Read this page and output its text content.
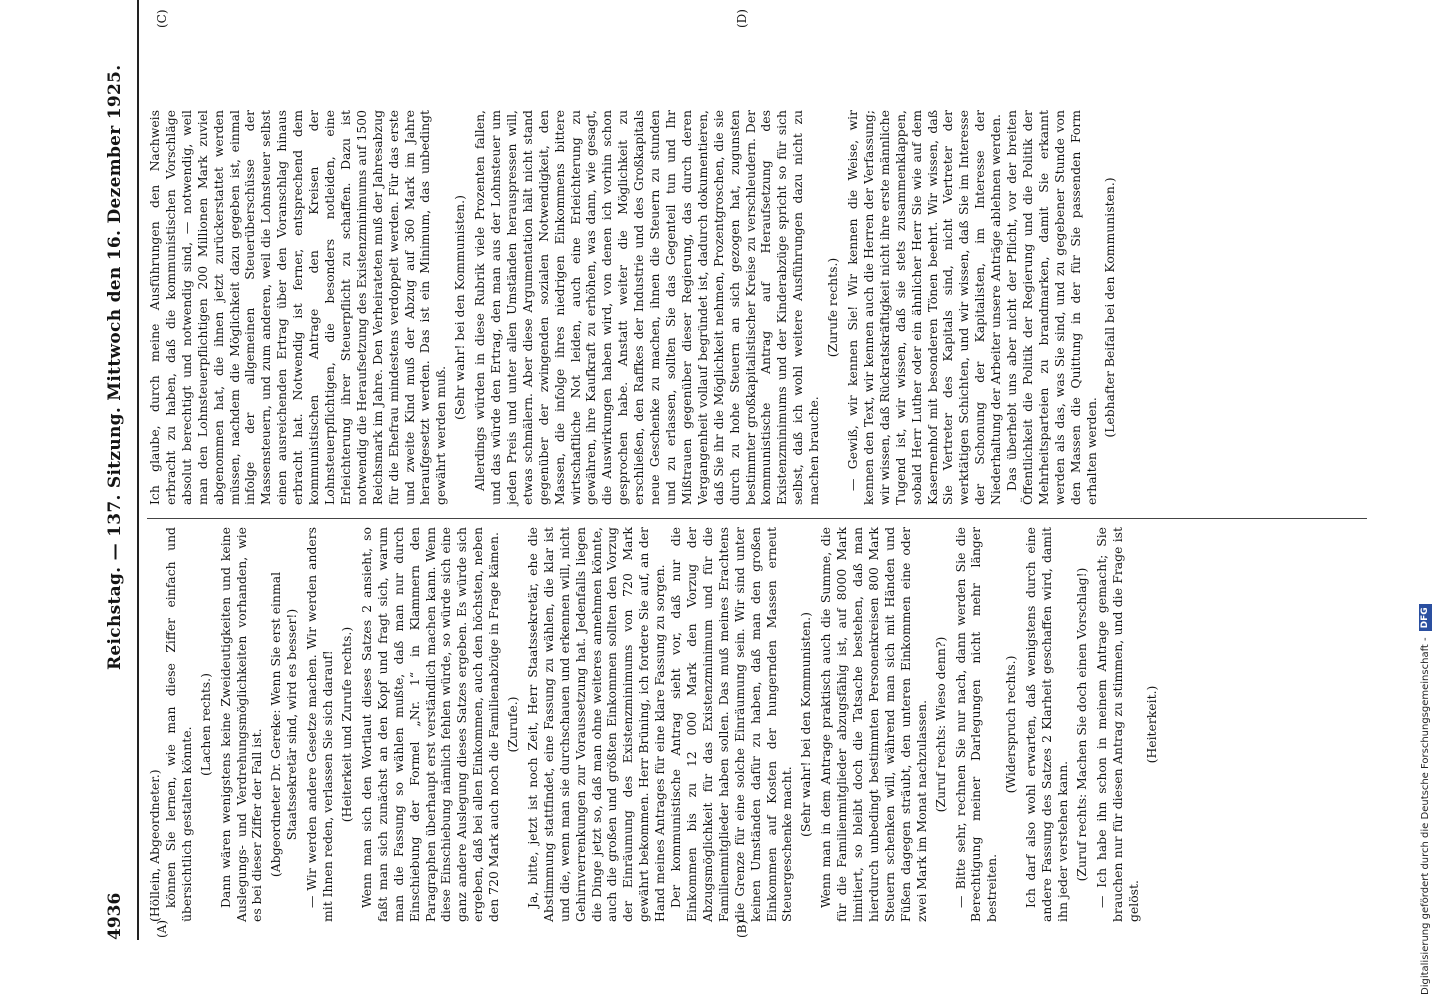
4936
Reichstag. — 137. Sitzung. Mittwoch den 16. Dezember 1925.
(A)	(B)
(C)	(D)

(Höllein, Abgeordneter.) können Sie lernen, wie man diese Ziffer einfach und übersichtlich gestalten könnte.

(Lachen rechts.) Dann wären wenigstens keine Zweideutigkeiten und keine Auslegungs- und Verdrehungsmöglichkeiten vorhanden, wie es bei dieser Ziffer der Fall ist. (Abgeordneter Dr. Gereke: Wenn Sie erst einmal Staatssekretär sind, wird es besser!) — Wir werden andere Gesetze machen. Wir werden anders mit Ihnen reden, verlassen Sie sich darauf! (Heiterkeit und Zurufe rechts.) Wenn man sich den Wortlaut dieses Satzes 2 ansieht, so faßt man sich zunächst an den Kopf und fragt sich, warum man die Fassung so wählen mußte, daß man nur durch Einschiebung der Formel „Nr. 1“ in Klammern den Paragraphen überhaupt erst verständlich machen kann. Wenn diese Einschiebung nämlich fehlen würde, so würde sich eine ganz andere Auslegung dieses Satzes ergeben. Es würde sich ergeben, daß bei allen Einkommen, auch den höchsten, neben den 720 Mark auch noch die Familienabzüge in Frage kämen. (Zurufe.) Ja, bitte, jetzt ist noch Zeit, Herr Staatssekretär, ehe die Abstimmung stattfindet, eine Fassung zu wählen, die klar ist und die, wenn man sie durchschauen und erkennen will, nicht Gehirnverrenkungen zur Voraussetzung hat. Jedenfalls liegen die Dinge jetzt so, daß man ohne weiteres annehmen könnte, auch die großen und größten Einkommen sollten den Vorzug der Einräumung des Existenzminimums von 720 Mark gewährt bekommen. Herr Brüning, ich fordere Sie auf, an der Hand meines Antrages für eine klare Fassung zu sorgen. Der kommunistische Antrag sieht vor, daß nur die Einkommen bis zu 12 000 Mark den Vorzug der Abzugsmöglichkeit für das Existenzminimum und für die Familienmitglieder haben sollen. Das muß meines Erachtens die Grenze für eine solche Einräumung sein. Wir sind unter keinen Umständen dafür zu haben, daß man den großen Einkommen auf Kosten der hungernden Massen erneut Steuergeschenke macht.

(Sehr wahr! bei den Kommunisten.) Wenn man in dem Antrage praktisch auch die Summe, die für die Familienmitglieder abzugsfähig ist, auf 8000 Mark limitiert, so bleibt doch die Tatsache bestehen, daß man hierdurch unbedingt bestimmten Personenkreisen 800 Mark Steuern schenken will, während man sich mit Händen und Füßen dagegen sträubt, den unteren Einkommen eine oder zwei Mark im Monat nachzulassen. (Zuruf rechts: Wieso denn?) — Bitte sehr, rechnen Sie nur nach, dann werden Sie die Berechtigung meiner Darlegungen nicht mehr länger bestreiten.

(Widerspruch rechts.) Ich darf also wohl erwarten, daß wenigstens durch eine andere Fassung des Satzes 2 Klarheit geschaffen wird, damit ihn jeder verstehen kann. (Zuruf rechts: Machen Sie doch einen Vorschlag!) — Ich habe ihn schon in meinem Antrage gemacht; Sie brauchen nur für diesen Antrag zu stimmen, und die Frage ist gelöst.

(Heiterkeit.)

Ich glaube, durch meine Ausführungen den Nachweis erbracht zu haben, daß die kommunistischen Vorschläge absolut berechtigt und notwendig sind, — notwendig, weil man den Lohnsteuerpflichtigen 200 Millionen Mark zuviel abgenommen hat, die ihnen jetzt zurückerstattet werden müssen, nachdem die Möglichkeit dazu gegeben ist, einmal infolge der allgemeinen Steuerüberschüsse der Massensteuern, und zum anderen, weil die Lohnsteuer selbst einen ausreichenden Ertrag über den Voranschlag hinaus erbracht hat. Notwendig ist ferner, entsprechend dem kommunistischen Antrage den Kreisen der Lohnsteuerpflichtigen, die besonders notleiden, eine Erleichterung ihrer Steuerpflicht zu schaffen. Dazu ist notwendig die Heraufsetzung des Existenzminimums auf 1500 Reichsmark im Jahre. Den Verheirateten muß der Jahresabzug für die Ehefrau mindestens verdoppelt werden. Für das erste und zweite Kind muß der Abzug auf 360 Mark im Jahre heraufgesetzt werden. Das ist ein Minimum, das unbedingt gewährt werden muß.

(Sehr wahr! bei den Kommunisten.) Allerdings würden in diese Rubrik viele Prozenten fallen, und das würde den Ertrag, den man aus der Lohnsteuer um jeden Preis und unter allen Umständen herauspressen will, etwas schmälern. Aber diese Argumentation hält nicht stand gegenüber der zwingenden sozialen Notwendigkeit, den Massen, die infolge ihres niedrigen Einkommens bittere wirtschaftliche Not leiden, auch eine Erleichterung zu gewähren, ihre Kaufkraft zu erhöhen, was dann, wie gesagt, die Auswirkungen haben wird, von denen ich vorhin schon gesprochen habe. Anstatt weiter die Möglichkeit zu erschließen, den Raffkes der Industrie und des Großkapitals neue Geschenke zu machen, ihnen die Steuern zu stunden und zu erlassen, sollten Sie das Gegenteil tun und Ihr Mißtrauen gegenüber dieser Regierung, das durch deren Vergangenheit vollauf begründet ist, dadurch dokumentieren, daß Sie ihr die Möglichkeit nehmen, Prozentgroschen, die sie durch zu hohe Steuern an sich gezogen hat, zugunsten bestimmter großkapitalistischer Kreise zu verschleudern. Der kommunistische Antrag auf Heraufsetzung des Existenzminimums und der Kinderabzüge spricht so für sich selbst, daß ich wohl weitere Ausführungen dazu nicht zu machen brauche.

(Zurufe rechts.) — Gewiß, wir kennen Sie! Wir kennen die Weise, wir kennen den Text, wir kennen auch die Herren der Verfassung; wir wissen, daß Rückratskräftigkeit nicht ihre erste männliche Tugend ist, wir wissen, daß sie stets zusammenklappen, sobald Herr Luther oder ein ähnlicher Herr Sie wie auf dem Kasernenhof mit besonderen Tönen beehrt. Wir wissen, daß Sie Vertreter des Kapitals sind, nicht Vertreter der werktätigen Schichten, und wir wissen, daß Sie im Interesse der Schonung der Kapitalisten, im Interesse der Niederhaltung der Arbeiter unsere Anträge ablehnen werden. Das überhebt uns aber nicht der Pflicht, vor der breiten Öffentlichkeit die Politik der Regierung und die Politik der Mehrheitsparteien zu brandmarken, damit Sie erkannt werden als das, was Sie sind, und zu gegebener Stunde von den Massen die Quittung in der für Sie passenden Form erhalten werden.

(Lebhafter Beifall bei den Kommunisten.)

Digitalisierung gefördert durch die Deutsche Forschungsgemeinschaft -
DFG
